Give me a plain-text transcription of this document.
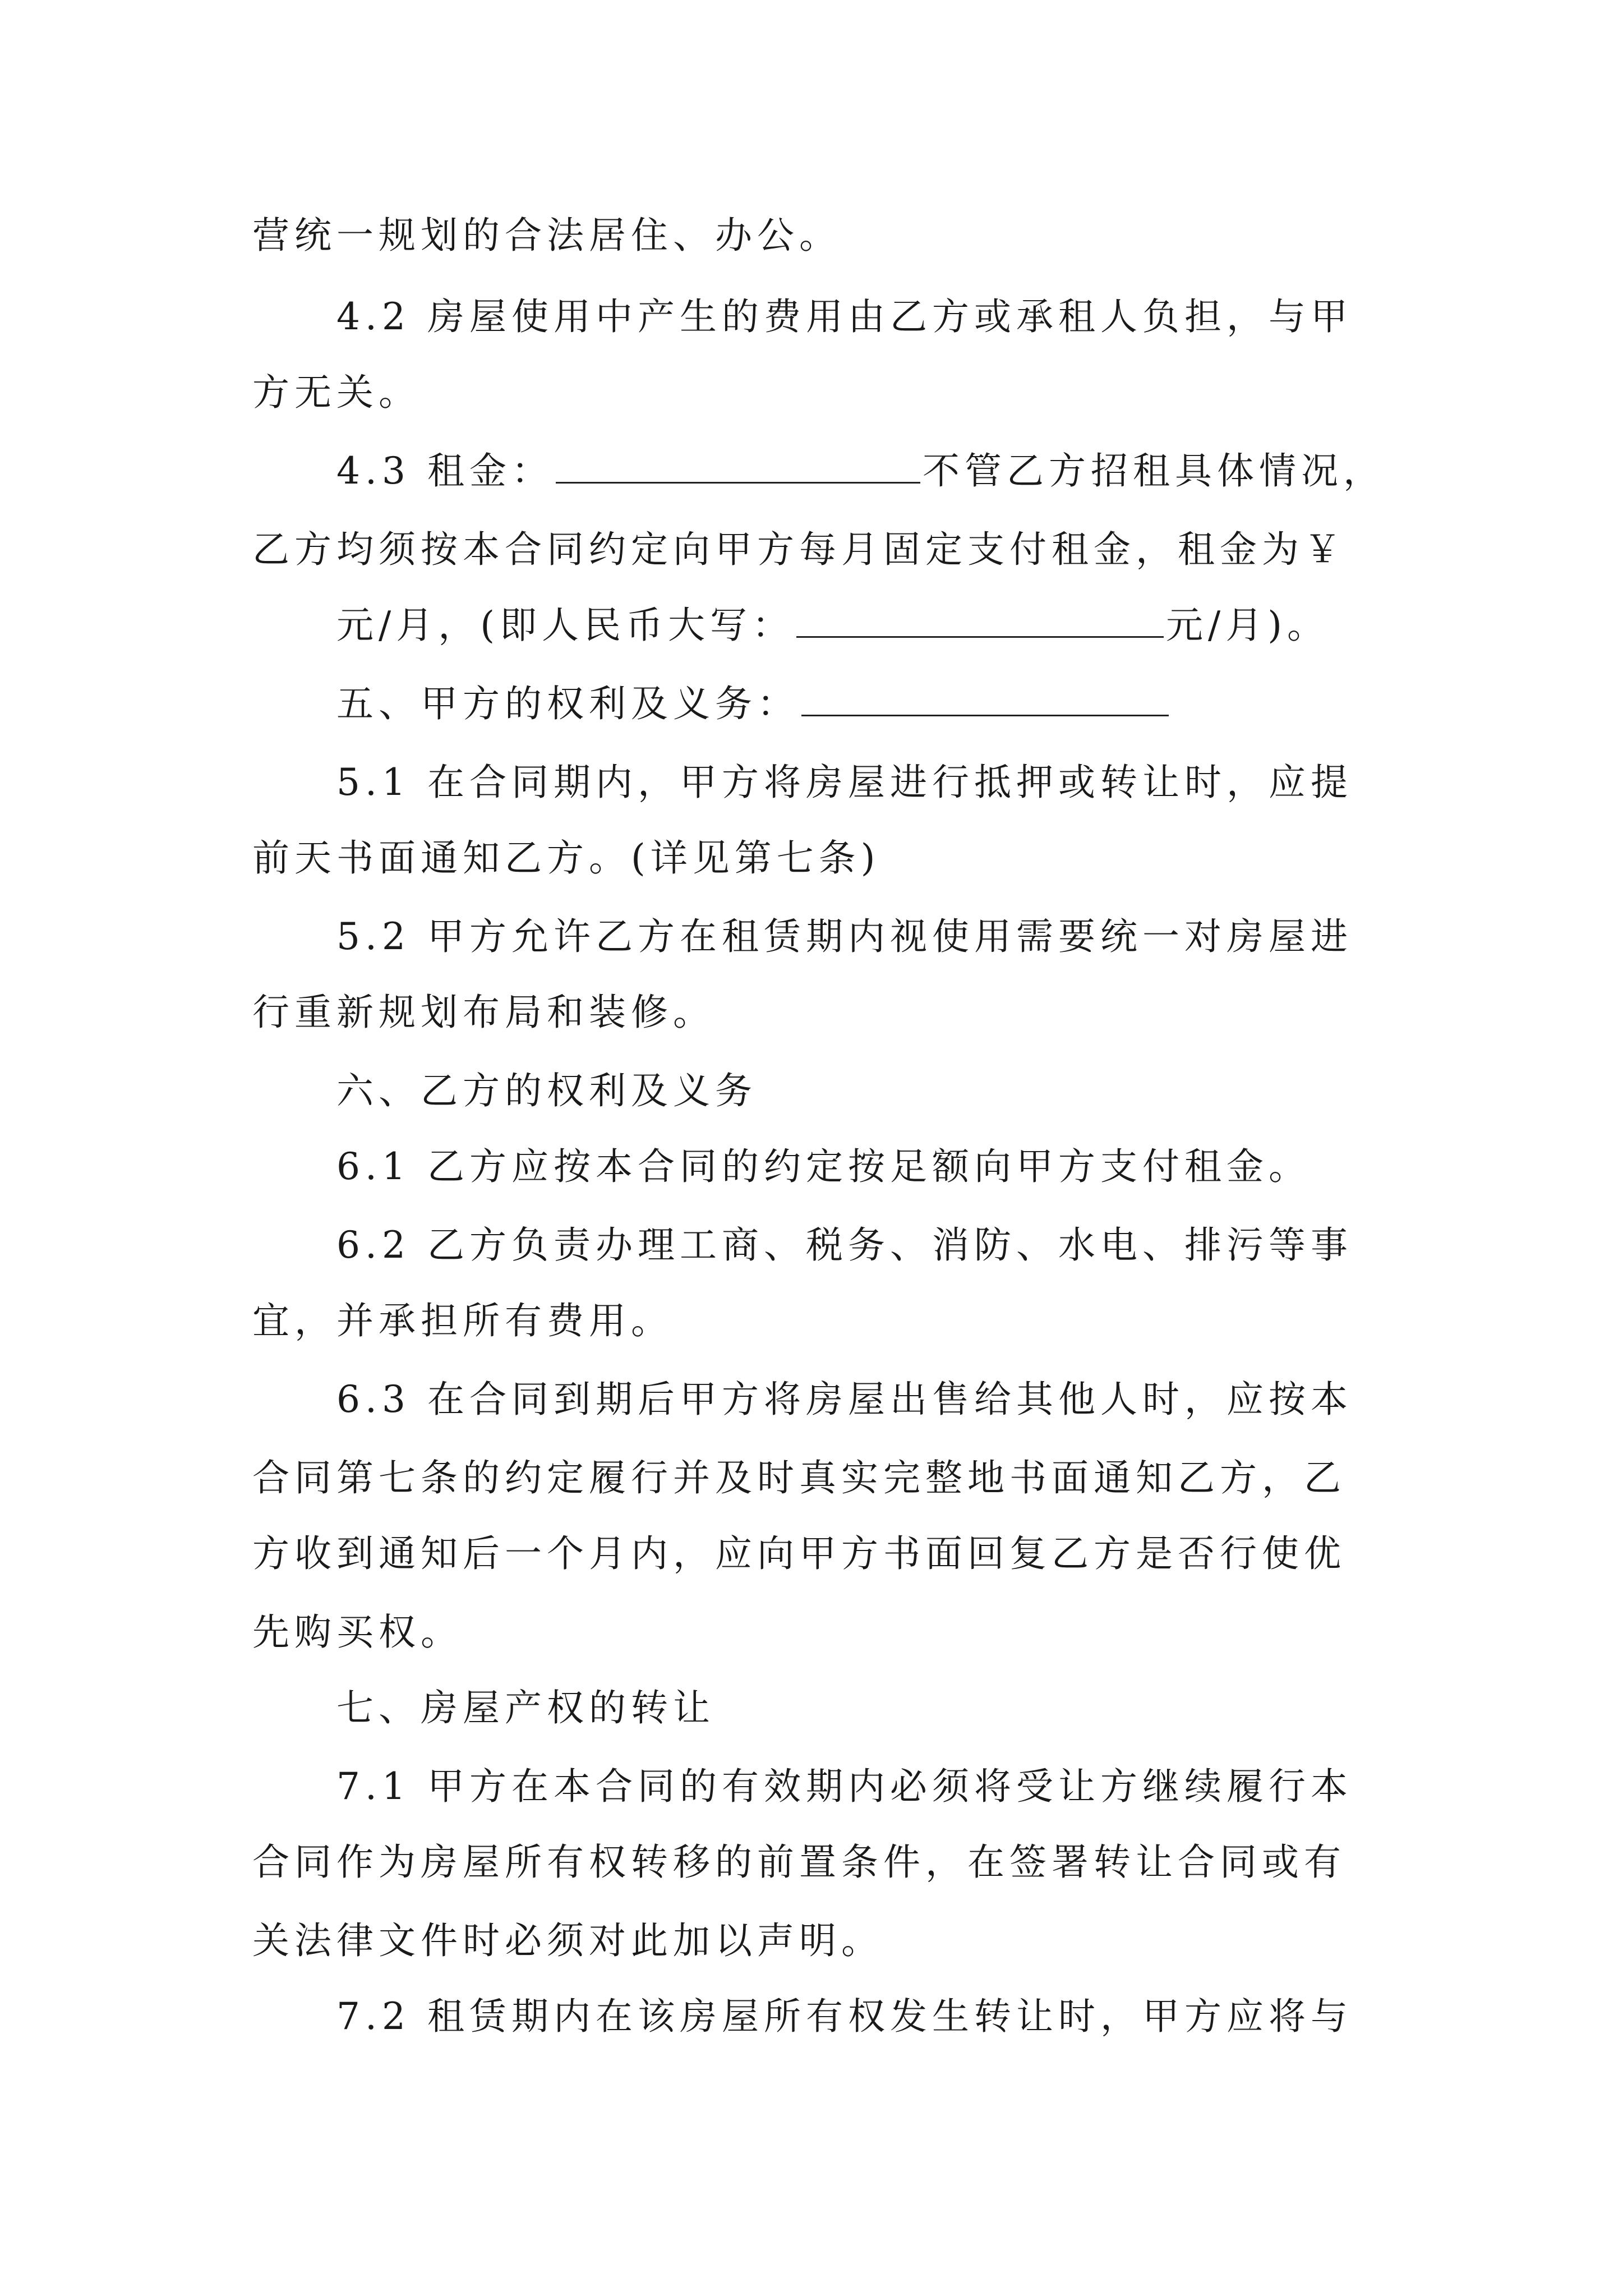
营统一规划的合法居住、办公。
4.2 房屋使用中产生的费用由乙方或承租人负担，与甲
方无关。
4.3 租金：	不管乙方招租具体情况，
乙方均须按本合同约定向甲方每月固定支付租金，租金为￥
元/月，(即人民币大写：	元/月)。
五、甲方的权利及义务：
5.1 在合同期内，甲方将房屋进行抵押或转让时，应提
前天书面通知乙方。(详见第七条)
5.2 甲方允许乙方在租赁期内视使用需要统一对房屋进
行重新规划布局和装修。
六、乙方的权利及义务
6.1 乙方应按本合同的约定按足额向甲方支付租金。
6.2 乙方负责办理工商、税务、消防、水电、排污等事
宜，并承担所有费用。
6.3 在合同到期后甲方将房屋出售给其他人时，应按本
合同第七条的约定履行并及时真实完整地书面通知乙方，乙
方收到通知后一个月内，应向甲方书面回复乙方是否行使优
先购买权。
七、房屋产权的转让
7.1 甲方在本合同的有效期内必须将受让方继续履行本
合同作为房屋所有权转移的前置条件，在签署转让合同或有
关法律文件时必须对此加以声明。
7.2 租赁期内在该房屋所有权发生转让时，甲方应将与
